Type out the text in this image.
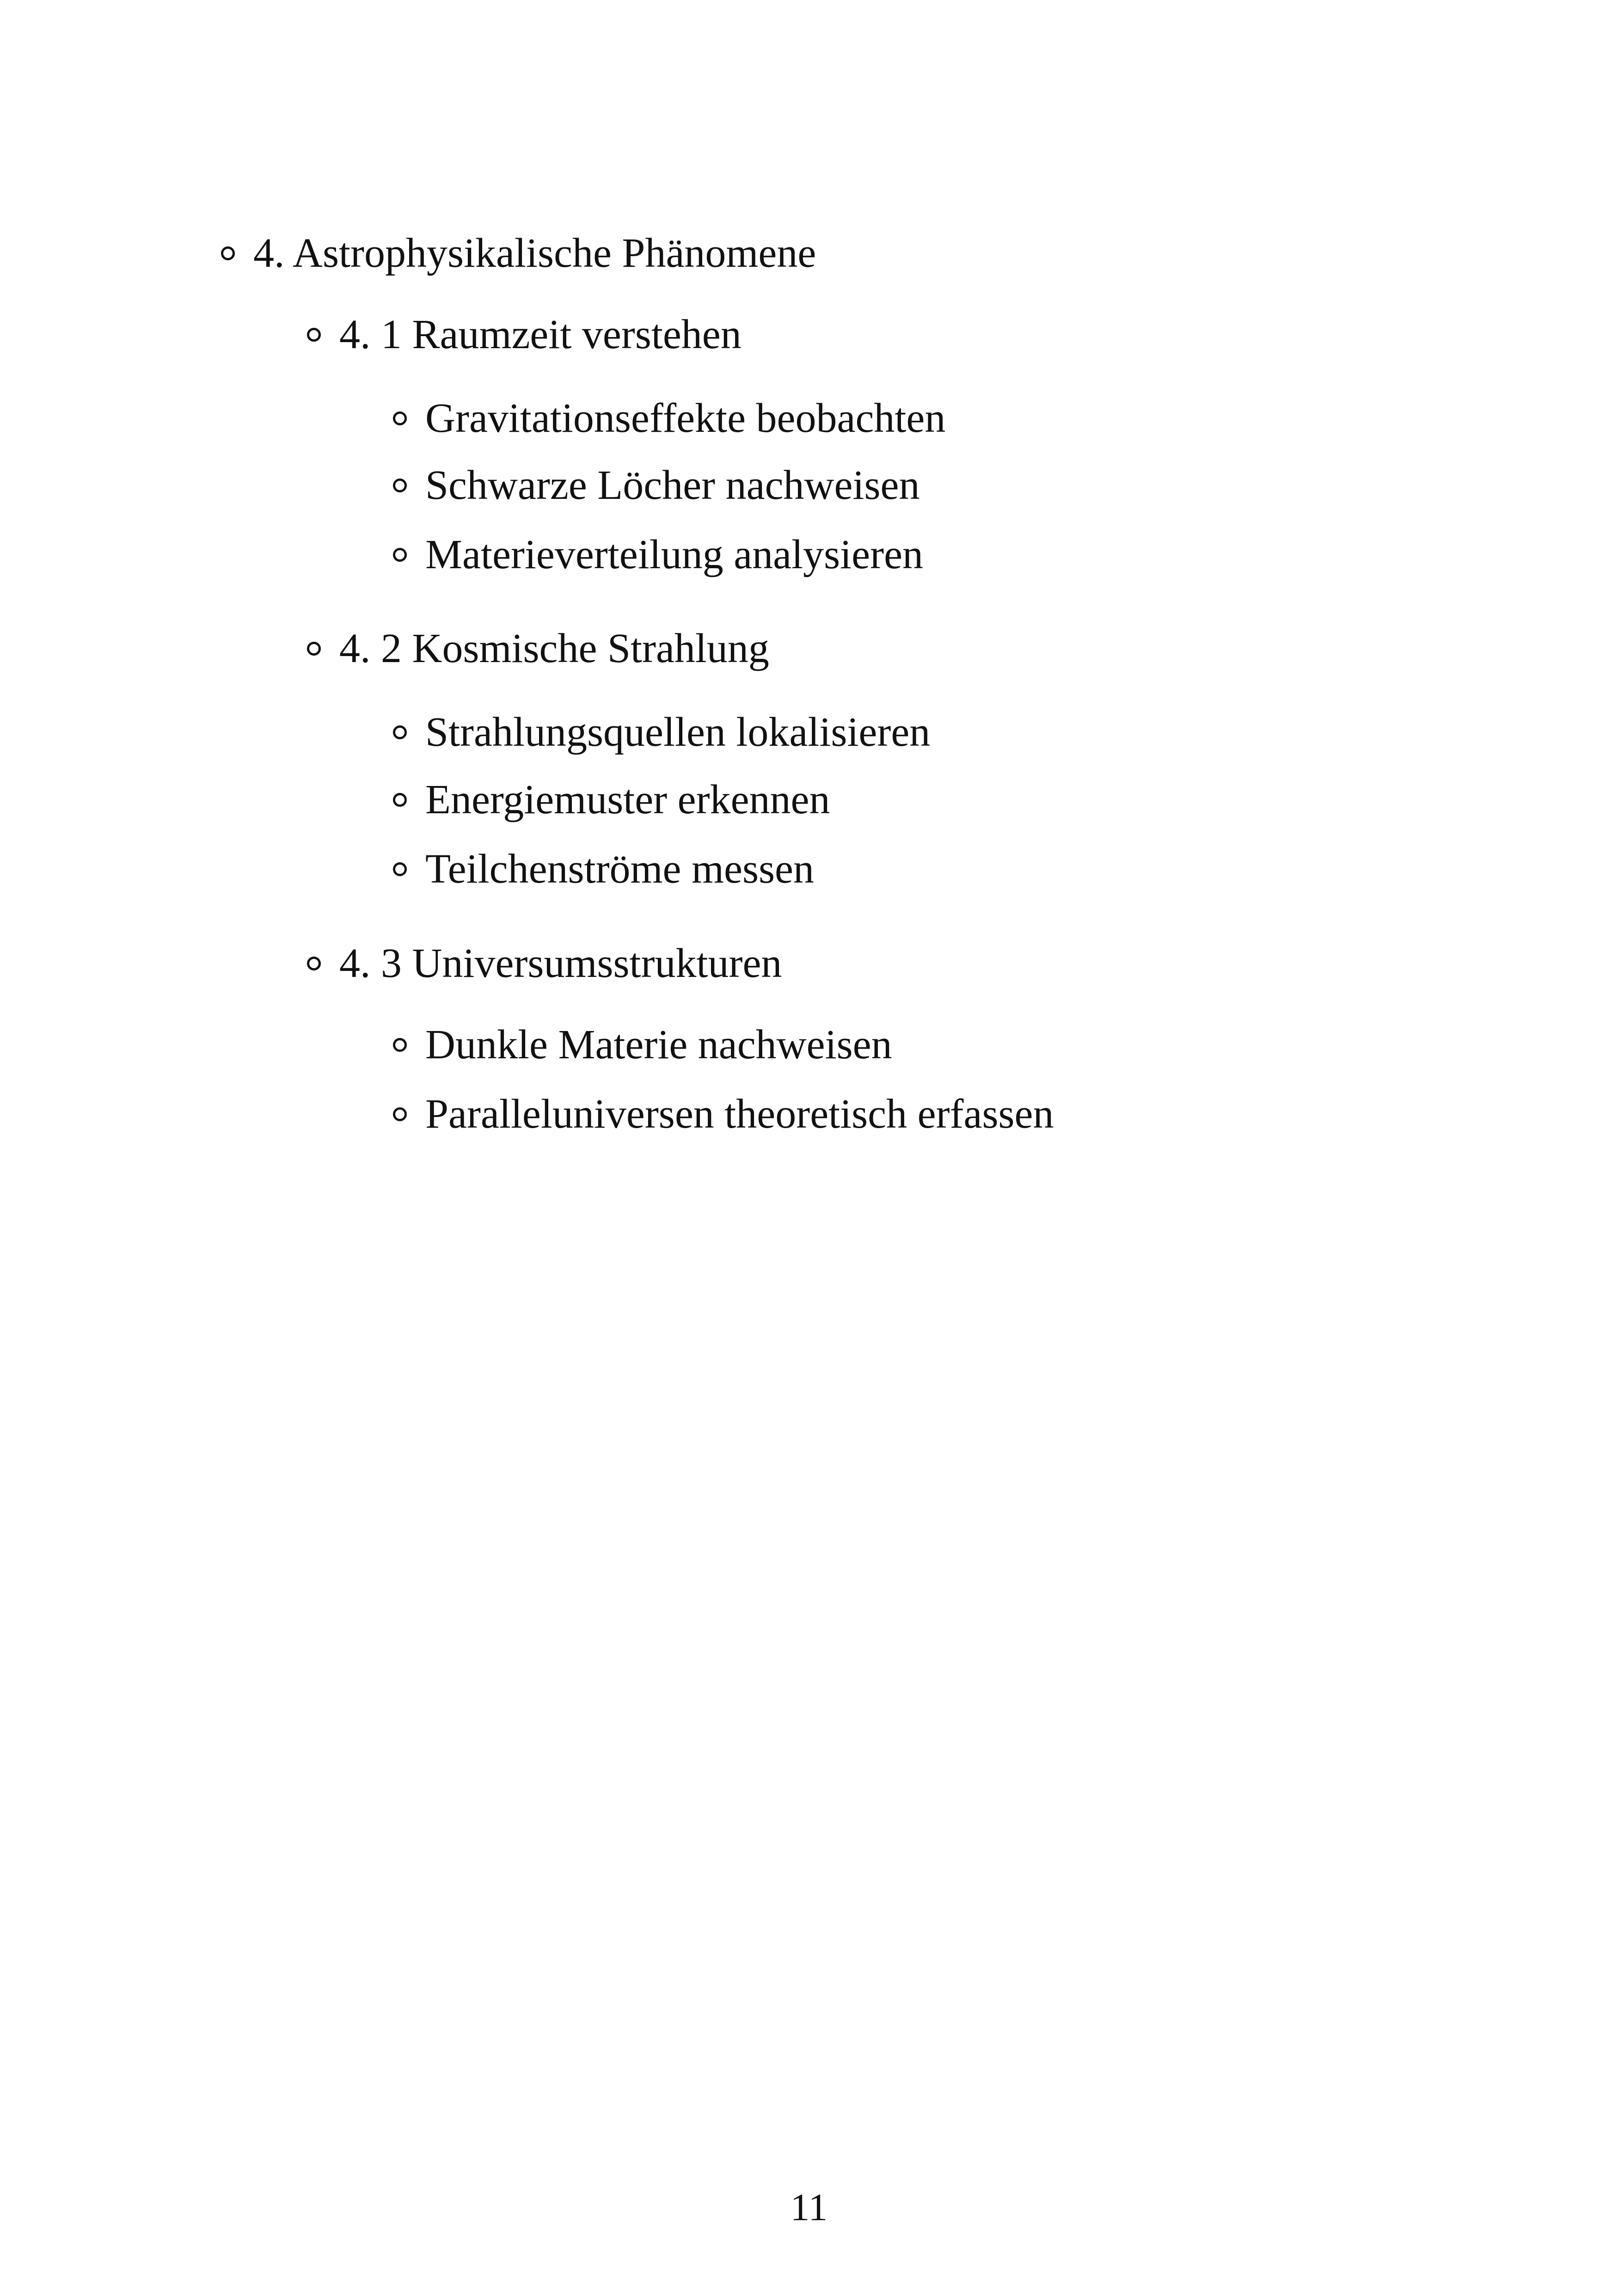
4. Astrophysikalische Phänomene
4. 1 Raumzeit verstehen
Gravitationseffekte beobachten
Schwarze Löcher nachweisen
Materieverteilung analysieren
4. 2 Kosmische Strahlung
Strahlungsquellen lokalisieren
Energiemuster erkennen
Teilchenströme messen
4. 3 Universumsstrukturen
Dunkle Materie nachweisen
Paralleluniversen theoretisch erfassen
11
